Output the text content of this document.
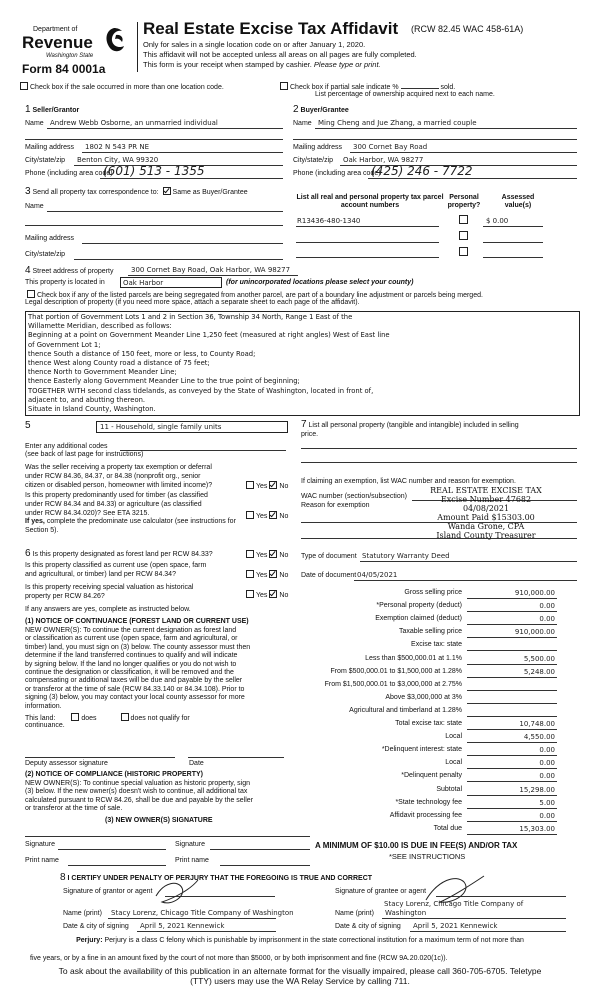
Department of
Revenue
Washington State
Form 84 0001a
Real Estate Excise Tax Affidavit (RCW 82.45 WAC 458-61A)
Only for sales in a single location code on or after January 1, 2020.
This affidavit will not be accepted unless all areas on all pages are fully completed.
This form is your receipt when stamped by cashier. Please type or print.
Check box if the sale occurred in more than one location code.	Check box if partial sale indicate %	sold.
List percentage of ownership acquired next to each name.
1 Seller/Grantor
Name Andrew Webb Osborne, an unmarried individual
Mailing address 1802 N 543 PR NE
City/state/zip Benton City, WA 99320
Phone (including area code)
(601) 513 - 1355
2 Buyer/Grantee
Name Ming Cheng and Jue Zhang, a married couple
Mailing address 300 Cornet Bay Road
City/state/zip Oak Harbor, WA 98277
Phone (including area code)
(425) 246 - 7722
3 Send all property tax correspondence to: Same as Buyer/Grantee
Name
Mailing address
City/state/zip
List all real and personal property tax parcel account numbers
Personal property?
Assessed value(s)
R13436-480-1340	$ 0.00
4 Street address of property	300 Cornet Bay Road, Oak Harbor, WA 98277
This property is located in	Oak Harbor	(for unincorporated locations please select your county)
Check box if any of the listed parcels are being segregated from another parcel, are part of a boundary line adjustment or parcels being merged.
Legal description of property (if you need more space, attach a separate sheet to each page of the affidavit).
That portion of Government Lots 1 and 2 in Section 36, Township 34 North, Range 1 East of the
Willamette Meridian, described as follows:
Beginning at a point on Government Meander Line 1,250 feet (measured at right angles) West of East line
of Government Lot 1;
thence South a distance of 150 feet, more or less, to County Road;
thence West along County road a distance of 75 feet;
thence North to Government Meander Line;
thence Easterly along Government Meander Line to the true point of beginning;
TOGETHER WITH second class tidelands, as conveyed by the State of Washington, located in front of,
adjacent to, and abutting thereon.
Situate in Island County, Washington.
5	11 - Household, single family units
Enter any additional codes
(see back of last page for instructions)
Was the seller receiving a property tax exemption or deferral
under RCW 84.36, 84.37, or 84.38 (nonprofit org., senior
citizen or disabled person, homeowner with limited income)?	Yes No
Is this property predominantly used for timber (as classified
under RCW 84.34 and 84.33) or agriculture (as classified
under RCW 84.34.020)? See ETA 3215.
If yes, complete the predominate use calculator (see instructions for
Section 5).
Yes No
6 Is this property designated as forest land per RCW 84.33?	Yes No
Is this property classified as current use (open space, farm
and agricultural, or timber) land per RCW 84.34?	Yes No
Is this property receiving special valuation as historical
property per RCW 84.26?	Yes No
If any answers are yes, complete as instructed below.
(1) NOTICE OF CONTINUANCE (FOREST LAND OR CURRENT USE)
NEW OWNER(S): To continue the current designation as forest land
or classification as current use (open space, farm and agricultural, or
timber) land, you must sign on (3) below. The county assessor must then
determine if the land transferred continues to qualify and will indicate
by signing below. If the land no longer qualifies or you do not wish to
continue the designation or classification, it will be removed and the
compensating or additional taxes will be due and payable by the seller
or transferor at the time of sale (RCW 84.33.140 or 84.34.108). Prior to
signing (3) below, you may contact your local county assessor for more
information.
This land:	does	does not qualify for
continuance.
Deputy assessor signature	Date
(2) NOTICE OF COMPLIANCE (HISTORIC PROPERTY)
NEW OWNER(S): To continue special valuation as historic property, sign
(3) below. If the new owner(s) doesn't wish to continue, all additional tax
calculated pursuant to RCW 84.26, shall be due and payable by the seller
or transferor at the time of sale.
(3) NEW OWNER(S) SIGNATURE
Signature	Signature
Print name	Print name
7 List all personal property (tangible and intangible) included in selling
price.
If claiming an exemption, list WAC number and reason for exemption.
WAC number (section/subsection)
Reason for exemption
REAL ESTATE EXCISE TAX
Excise Number 47682
04/08/2021
Amount Paid $15303.00
Wanda Grone, CPA
Island County Treasurer
Type of document Statutory Warranty Deed
Date of document 04/05/2021
Gross selling price	910,000.00
*Personal property (deduct)	0.00
Exemption claimed (deduct)	0.00
Taxable selling price	910,000.00
Excise tax: state
Less than $500,000.01 at 1.1%	5,500.00
From $500,000.01 to $1,500,000 at 1.28%	5,248.00
From $1,500,000.01 to $3,000,000 at 2.75%
Above $3,000,000 at 3%
Agricultural and timberland at 1.28%
Total excise tax: state	10,748.00
Local	4,550.00
*Delinquent interest: state	0.00
Local	0.00
*Delinquent penalty	0.00
Subtotal	15,298.00
*State technology fee	5.00
Affidavit processing fee	0.00
Total due	15,303.00
A MINIMUM OF $10.00 IS DUE IN FEE(S) AND/OR TAX
*SEE INSTRUCTIONS
8 I CERTIFY UNDER PENALTY OF PERJURY THAT THE FOREGOING IS TRUE AND CORRECT
Signature of grantor or agent	Signature of grantee or agent
Name (print) Stacy Lorenz, Chicago Title Company of Washington
Stacy Lorenz, Chicago Title Company of
Name (print) Washington
Date & city of signing April 5, 2021 Kennewick	Date & city of signing April 5, 2021 Kennewick
Perjury: Perjury is a class C felony which is punishable by imprisonment in the state correctional institution for a maximum term of not more than
five years, or by a fine in an amount fixed by the court of not more than $5000, or by both imprisonment and fine (RCW 9A.20.020(1c)).
To ask about the availability of this publication in an alternate format for the visually impaired, please call 360-705-6705. Teletype
(TTY) users may use the WA Relay Service by calling 711.
